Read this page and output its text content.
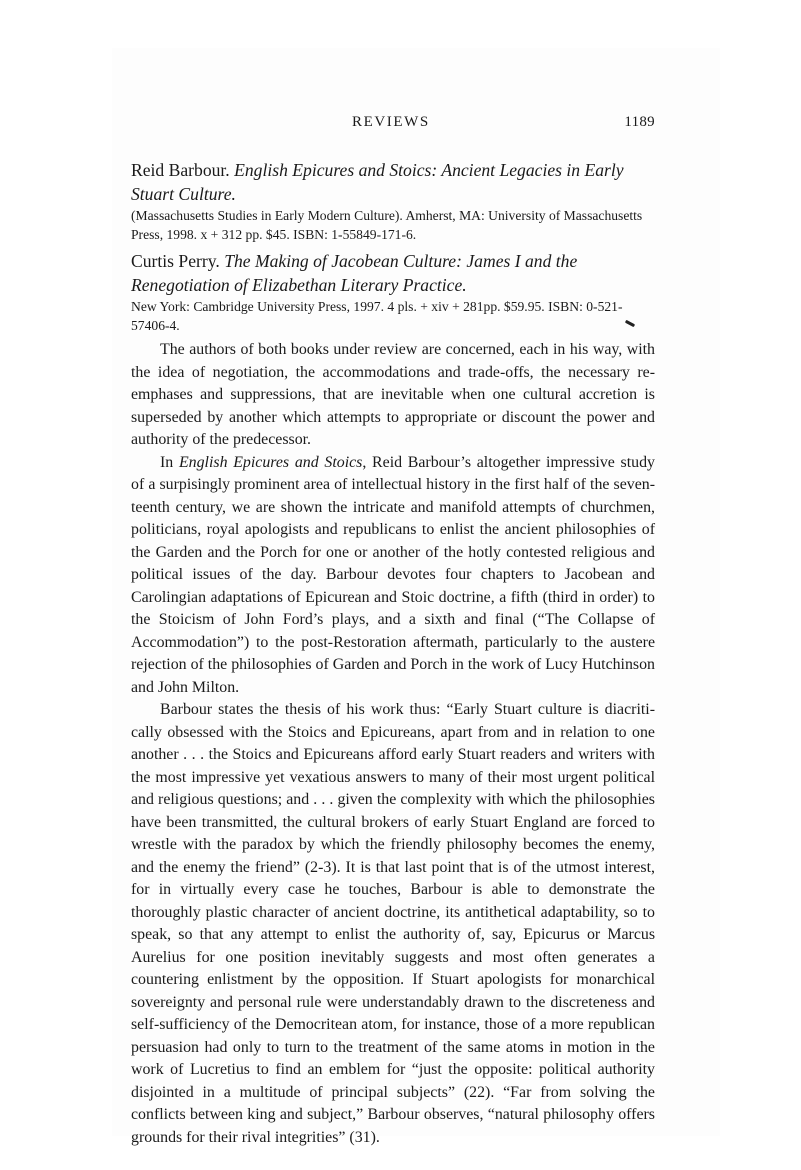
REVIEWS	1189

Reid Barbour. English Epicures and Stoics: Ancient Legacies in Early Stuart Culture.

(Massachusetts Studies in Early Modern Culture). Amherst, MA: University of Massachusetts Press, 1998. x + 312 pp. $45. ISBN: 1-55849-171-6.

Curtis Perry. The Making of Jacobean Culture: James I and the Renegotiation of Elizabethan Literary Practice.

New York: Cambridge University Press, 1997. 4 pls. + xiv + 281pp. $59.95. ISBN: 0-521-57406-4.

The authors of both books under review are concerned, each in his way, with the idea of negotiation, the accommodations and trade-offs, the necessary re-emphases and suppressions, that are inevitable when one cultural accretion is superseded by another which attempts to appropriate or discount the power and authority of the predecessor.

In English Epicures and Stoics, Reid Barbour’s altogether impressive study of a surpisingly prominent area of intellectual history in the first half of the seventeenth century, we are shown the intricate and manifold attempts of churchmen, politicians, royal apologists and republicans to enlist the ancient philosophies of the Garden and the Porch for one or another of the hotly contested religious and political issues of the day. Barbour devotes four chapters to Jacobean and Carolingian adaptations of Epicurean and Stoic doctrine, a fifth (third in order) to the Stoicism of John Ford’s plays, and a sixth and final (“The Collapse of Accommodation”) to the post-Restoration aftermath, particularly to the austere rejection of the philosophies of Garden and Porch in the work of Lucy Hutchinson and John Milton.

Barbour states the thesis of his work thus: “Early Stuart culture is diacritically obsessed with the Stoics and Epicureans, apart from and in relation to one another . . . the Stoics and Epicureans afford early Stuart readers and writers with the most impressive yet vexatious answers to many of their most urgent political and religious questions; and . . . given the complexity with which the philosophies have been transmitted, the cultural brokers of early Stuart England are forced to wrestle with the paradox by which the friendly philosophy becomes the enemy, and the enemy the friend” (2-3). It is that last point that is of the utmost interest, for in virtually every case he touches, Barbour is able to demonstrate the thoroughly plastic character of ancient doctrine, its antithetical adaptability, so to speak, so that any attempt to enlist the authority of, say, Epicurus or Marcus Aurelius for one position inevitably suggests and most often generates a countering enlistment by the opposition. If Stuart apologists for monarchical sovereignty and personal rule were understandably drawn to the discreteness and self-sufficiency of the Democritean atom, for instance, those of a more republican persuasion had only to turn to the treatment of the same atoms in motion in the work of Lucretius to find an emblem for “just the opposite: political authority disjointed in a multitude of principal subjects” (22). “Far from solving the conflicts between king and subject,” Barbour observes, “natural philosophy offers grounds for their rival integrities” (31).
